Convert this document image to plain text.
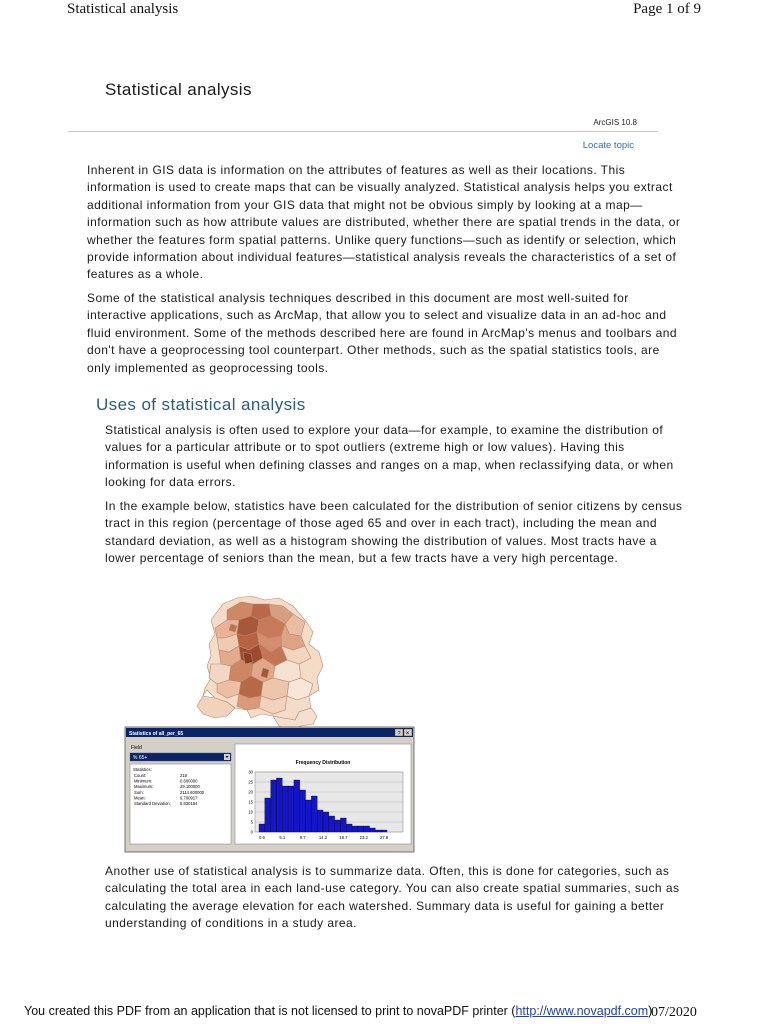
Statistical analysis	Page 1 of 9
Statistical analysis
ArcGIS 10.8
Locate topic

Inherent in GIS data is information on the attributes of features as well as their locations. This information is used to create maps that can be visually analyzed. Statistical analysis helps you extract additional information from your GIS data that might not be obvious simply by looking at a map—information such as how attribute values are distributed, whether there are spatial trends in the data, or whether the features form spatial patterns. Unlike query functions—such as identify or selection, which provide information about individual features—statistical analysis reveals the characteristics of a set of features as a whole.

Some of the statistical analysis techniques described in this document are most well-suited for interactive applications, such as ArcMap, that allow you to select and visualize data in an ad-hoc and fluid environment. Some of the methods described here are found in ArcMap's menus and toolbars and don't have a geoprocessing tool counterpart. Other methods, such as the spatial statistics tools, are only implemented as geoprocessing tools.

Uses of statistical analysis

Statistical analysis is often used to explore your data—for example, to examine the distribution of values for a particular attribute or to spot outliers (extreme high or low values). Having this information is useful when defining classes and ranges on a map, when reclassifying data, or when looking for data errors.

In the example below, statistics have been calculated for the distribution of senior citizens by census tract in this region (percentage of those aged 65 and over in each tract), including the mean and standard deviation, as well as a histogram showing the distribution of values. Most tracts have a lower percentage of seniors than the mean, but a few tracts have a very high percentage.

Statistics of all_per_65	? ×
Field
% 65+
Statistics:
Count:	218
Minimum:	0.600000
Maximum:	29.100000
Sum:	2114.600000
Mean:	9.700917
Standard Deviation: 5.630164
Frequency Distribution
0
5
10
15
20
25
30
0.6	5.1	9.7	14.2	18.7	23.2	27.8

Another use of statistical analysis is to summarize data. Often, this is done for categories, such as calculating the total area in each land-use category. You can also create spatial summaries, such as calculating the average elevation for each watershed. Summary data is useful for gaining a better understanding of conditions in a study area.

You created this PDF from an application that is not licensed to print to novaPDF printer (http://www.novapdf.com)
07/2020
